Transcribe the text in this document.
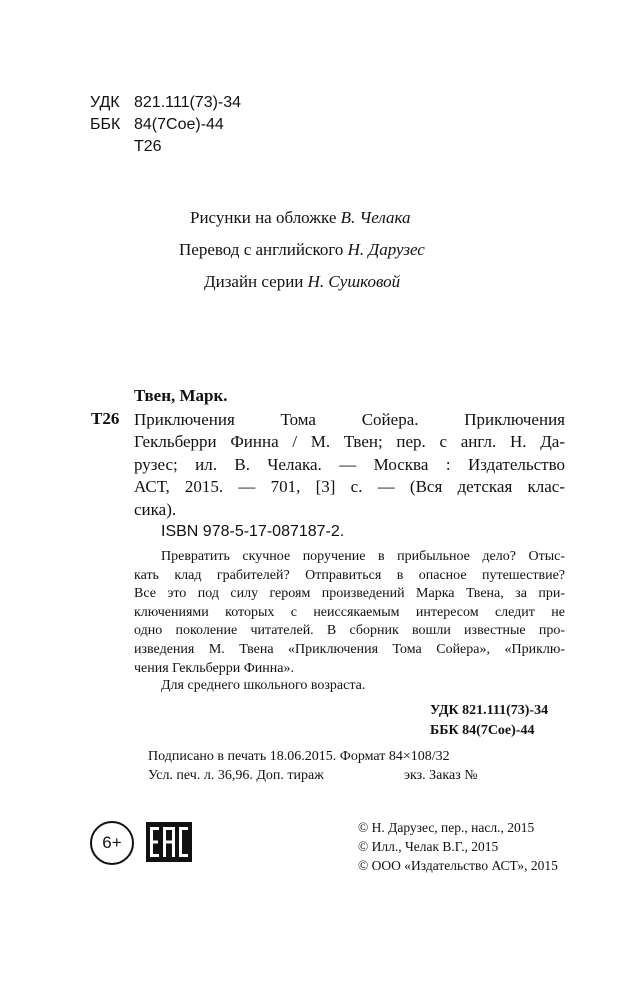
УДК 821.111(73)-34
ББК 84(7Сое)-44
Т26
Рисунки на обложке В. Челака
Перевод с английского Н. Дарузес
Дизайн серии Н. Сушковой
Твен, Марк.
Т26 Приключения Тома Сойера. Приключения
Гекльберри Финна / М. Твен; пер. с англ. Н. Да-
рузес; ил. В. Челака. — Москва : Издательство
АСТ, 2015. — 701, [3] с. — (Вся детская клас-
сика).
ISBN 978-5-17-087187-2.
Превратить скучное поручение в прибыльное дело? Отыс-
кать клад грабителей? Отправиться в опасное путешествие?
Все это под силу героям произведений Марка Твена, за при-
ключениями которых с неиссякаемым интересом следит не
одно поколение читателей. В сборник вошли известные про-
изведения М. Твена «Приключения Тома Сойера», «Приклю-
чения Гекльберри Финна».
Для среднего школьного возраста.
УДК 821.111(73)-34
ББК 84(7Сое)-44
Подписано в печать 18.06.2015. Формат 84×108/32
Усл. печ. л. 36,96. Доп. тираж	экз. Заказ №
6+
© Н. Дарузес, пер., насл., 2015
© Илл., Челак В.Г., 2015
© ООО «Издательство АСТ», 2015
